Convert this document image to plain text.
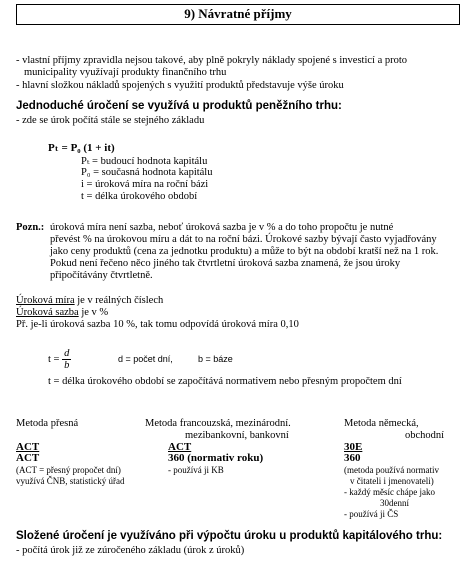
9) Návratné příjmy
- vlastní příjmy zpravidla nejsou takové, aby plně pokryly náklady spojené s investicí a proto
municipality využívají produkty finančního trhu
- hlavní složkou nákladů spojených s využití produktů představuje výše úroku
Jednoduché úročení se využívá u produktů peněžního trhu:
- zde se úrok počítá stále se stejného základu
Pₜ = P₀ (1 + it)
Pₜ = budoucí hodnota kapitálu
P₀ = současná hodnota kapitálu
i = úroková míra na roční bázi
t = délka úrokového období
Pozn.: úroková míra není sazba, neboť úroková sazba je v % a do toho propočtu je nutné
převést % na úrokovou míru a dát to na roční bázi. Úrokové sazby bývají často vyjadřovány
jako ceny produktů (cena za jednotku produktu) a může to být na období kratší než na 1 rok.
Pokud není řečeno něco jiného tak čtvrtletní úroková sazba znamená, že jsou úroky
připočítávány čtvrtletně.
Úroková míra je v reálných číslech
Úroková sazba je v %
Př. je-li úroková sazba 10 %, tak tomu odpovídá úroková míra 0,10
$t = \frac{d}{b}$	d = počet dní,	b = báze
t = délka úrokového období se započítává normativem nebo přesným propočtem dní
Metoda přesná
ACT
ACT
(ACT = přesný propočet dní)
využívá ČNB, statistický úřad
Metoda francouzská, mezinárodní.
mezibankovní, bankovní
ACT
360 (normativ roku)
- používá ji KB
Metoda německá,
obchodní
30E
360
(metoda používá normativ
v čitateli i jmenovateli)
- každý měsíc chápe jako
30denní
- používá ji ČS
Složené úročení je využíváno při výpočtu úroku u produktů kapitálového trhu:
- počítá úrok již ze zúročeného základu (úrok z úroků)
